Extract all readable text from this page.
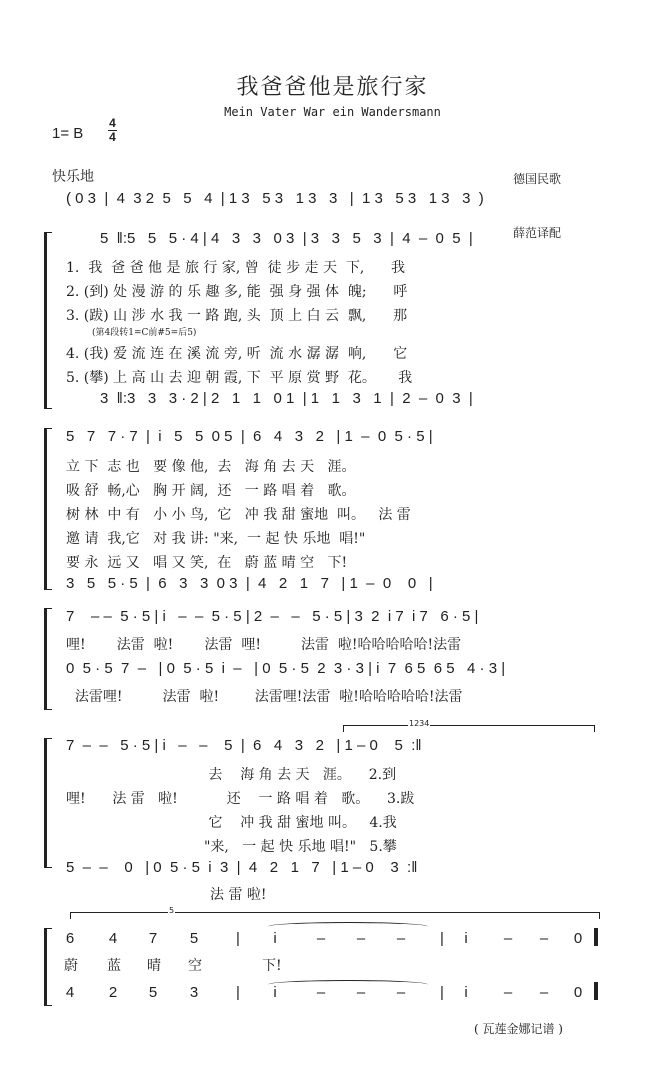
我爸爸他是旅行家
Mein Vater War ein Wandersmann
1= B
4
4

德国民歌

薛范译配

快乐地
( 0 3  |  4  3 2  5   5   4  | 1 3   5 3   1 3   3   |  1 3   5 3   1 3   3  )
5  ‖:5   5   5 · 4 | 4   3   3   0 3  | 3   3   5   3  |  4  –  0  5  |
1.  我  爸 爸 他 是 旅 行 家, 曾  徒 步 走 天  下,      我
2. (到) 处 漫 游 的 乐 趣 多, 能  强 身 强 体  魄;      呼
3. (跋) 山 涉 水 我 一 路 跑, 头  顶 上 白 云  飘,      那
(第4段转1=C前#5=后5)
4. (我) 爱 流 连 在 溪 流 旁, 听  流 水 潺 潺  响,      它
5. (攀) 上 高 山 去 迎 朝 霞, 下  平 原 赏 野  花。     我
3  ‖:3   3   3 · 2 | 2   1   1   0 1  | 1   1   3   1  |  2  –  0  3  |
5   7   7 · 7  |  i   5   5  0 5  |  6   4   3   2   | 1  –  0  5 · 5 |
立 下  志 也   要 像 他,  去   海 角 去 天   涯。
吸 舒  畅,心   胸 开 阔,  还   一 路 唱 着   歌。
树 林  中 有   小 小 鸟,  它   冲 我 甜 蜜地  叫。   法 雷
邀 请  我,它   对 我 讲: "来,  一 起 快 乐地  唱!"
要 永  远 又   唱 又 笑,  在   蔚 蓝 晴 空   下!
3   5   5 · 5  |  6   3   3  0 3  |  4   2   1   7   | 1  –  0    0   |
7    – –  5 · 5 | i   –  –  5 · 5 | 2  –   –   5 · 5 | 3  2  i 7  i 7   6 · 5 |
哩!       法雷  啦!       法雷  哩!         法雷  啦!哈哈哈哈哈!法雷
0  5 · 5  7  –   | 0  5 · 5  i  –   | 0  5 · 5  2  3 · 3 | i  7  6 5  6 5   4 · 3 |
法雷哩!         法雷  啦!        法雷哩!法雷  啦!哈哈哈哈哈!法雷
1234
7  –  –   5 · 5 | i   –   –    5  |  6   4   3   2   | 1 – 0    5  :‖
去    海 角 去 天   涯。    2.到
哩!      法 雷   啦!           还    一 路 唱 着   歌。    3.跋
它    冲 我 甜 蜜地 叫。   4.我
"来,   一 起 快 乐地 唱!"   5.攀
5  –  –    0   | 0  5 · 5  i  3  |  4   2   1   7   | 1 – 0    3  :‖
法 雷 啦!
5
6 4 7 5	|	i	– – –	|	i	– – 0
蔚 蓝 晴 空	下!
4 2 5 3	|	i	– – –	|	i	– – 0
( 瓦莲金娜记谱 )
